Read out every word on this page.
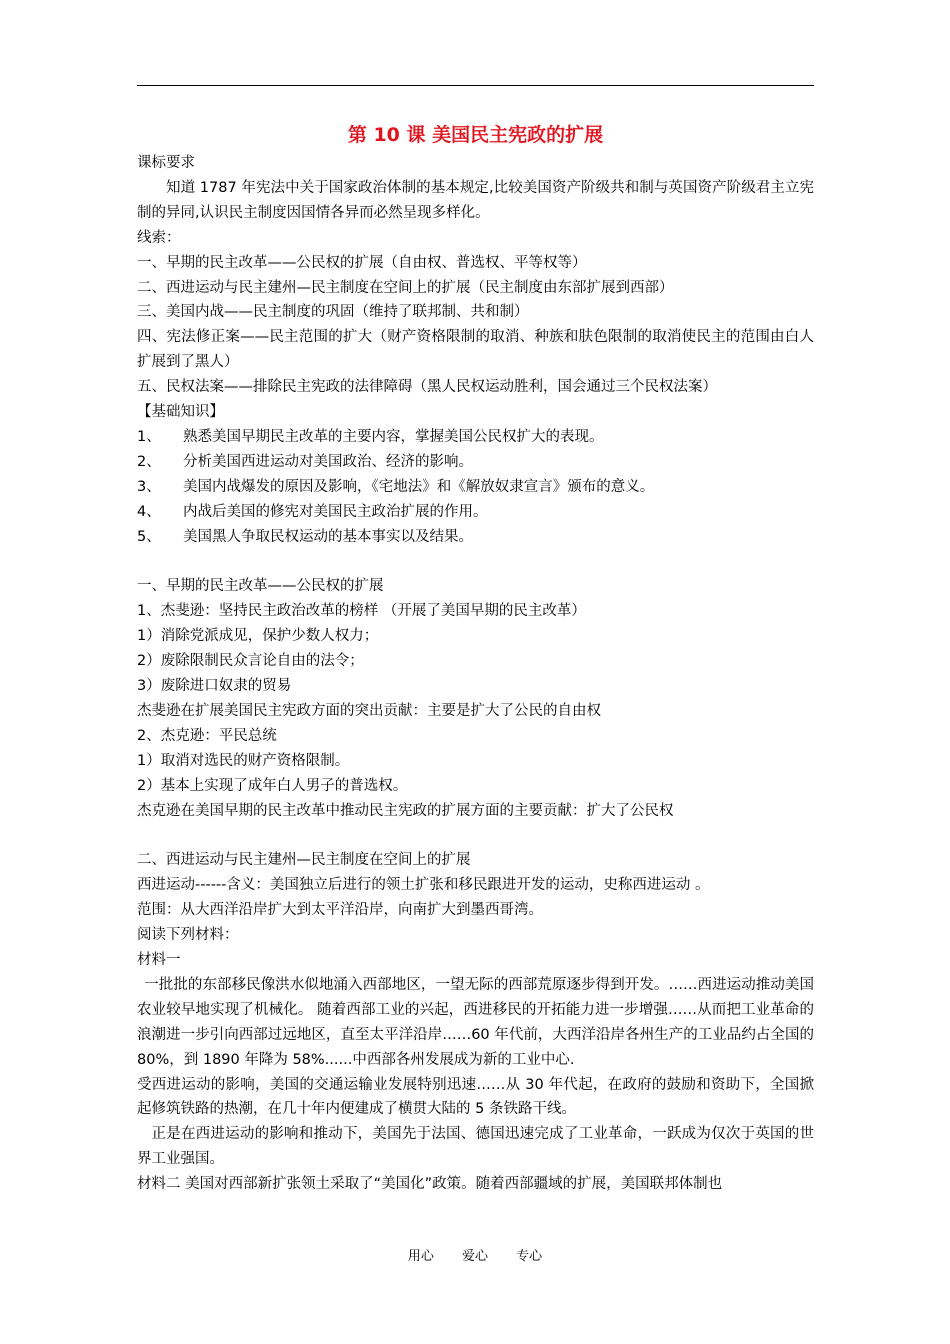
第 10 课 美国民主宪政的扩展

课标要求

知道 1787 年宪法中关于国家政治体制的基本规定,比较美国资产阶级共和制与英国资产阶级君主立宪制的异同,认识民主制度因国情各异而必然呈现多样化。

线索：

一、早期的民主改革——公民权的扩展（自由权、普选权、平等权等）

二、西进运动与民主建州—民主制度在空间上的扩展（民主制度由东部扩展到西部）

三、美国内战——民主制度的巩固（维持了联邦制、共和制）

四、宪法修正案——民主范围的扩大（财产资格限制的取消、种族和肤色限制的取消使民主的范围由白人扩展到了黑人）

五、民权法案——排除民主宪政的法律障碍（黑人民权运动胜利，国会通过三个民权法案）

【基础知识】

1、 熟悉美国早期民主改革的主要内容，掌握美国公民权扩大的表现。
2、 分析美国西进运动对美国政治、经济的影响。
3、 美国内战爆发的原因及影响，《宅地法》和《解放奴隶宣言》颁布的意义。
4、 内战后美国的修宪对美国民主政治扩展的作用。
5、 美国黑人争取民权运动的基本事实以及结果。

一、早期的民主改革——公民权的扩展

1、杰斐逊：坚持民主政治改革的榜样 （开展了美国早期的民主改革）

1）消除党派成见，保护少数人权力；

2）废除限制民众言论自由的法令；

3）废除进口奴隶的贸易

杰斐逊在扩展美国民主宪政方面的突出贡献：主要是扩大了公民的自由权

2、杰克逊：平民总统

1）取消对选民的财产资格限制。

2）基本上实现了成年白人男子的普选权。

杰克逊在美国早期的民主改革中推动民主宪政的扩展方面的主要贡献：扩大了公民权

二、西进运动与民主建州—民主制度在空间上的扩展

西进运动------含义：美国独立后进行的领土扩张和移民跟进开发的运动，史称西进运动 。

范围：从大西洋沿岸扩大到太平洋沿岸，向南扩大到墨西哥湾。

阅读下列材料：

材料一

一批批的东部移民像洪水似地涌入西部地区，一望无际的西部荒原逐步得到开发。……西进运动推动美国农业较早地实现了机械化。 随着西部工业的兴起，西进移民的开拓能力进一步增强……从而把工业革命的浪潮进一步引向西部过远地区，直至太平洋沿岸……60 年代前，大西洋沿岸各州生产的工业品约占全国的 80%，到 1890 年降为 58%......中西部各州发展成为新的工业中心.

受西进运动的影响，美国的交通运输业发展特别迅速……从 30 年代起，在政府的鼓励和资助下，全国掀起修筑铁路的热潮，在几十年内便建成了横贯大陆的 5 条铁路干线。

正是在西进运动的影响和推动下，美国先于法国、德国迅速完成了工业革命，一跃成为仅次于英国的世界工业强国。

材料二 美国对西部新扩张领土采取了“美国化”政策。随着西部疆域的扩展，美国联邦体制也

用心 爱心 专心
